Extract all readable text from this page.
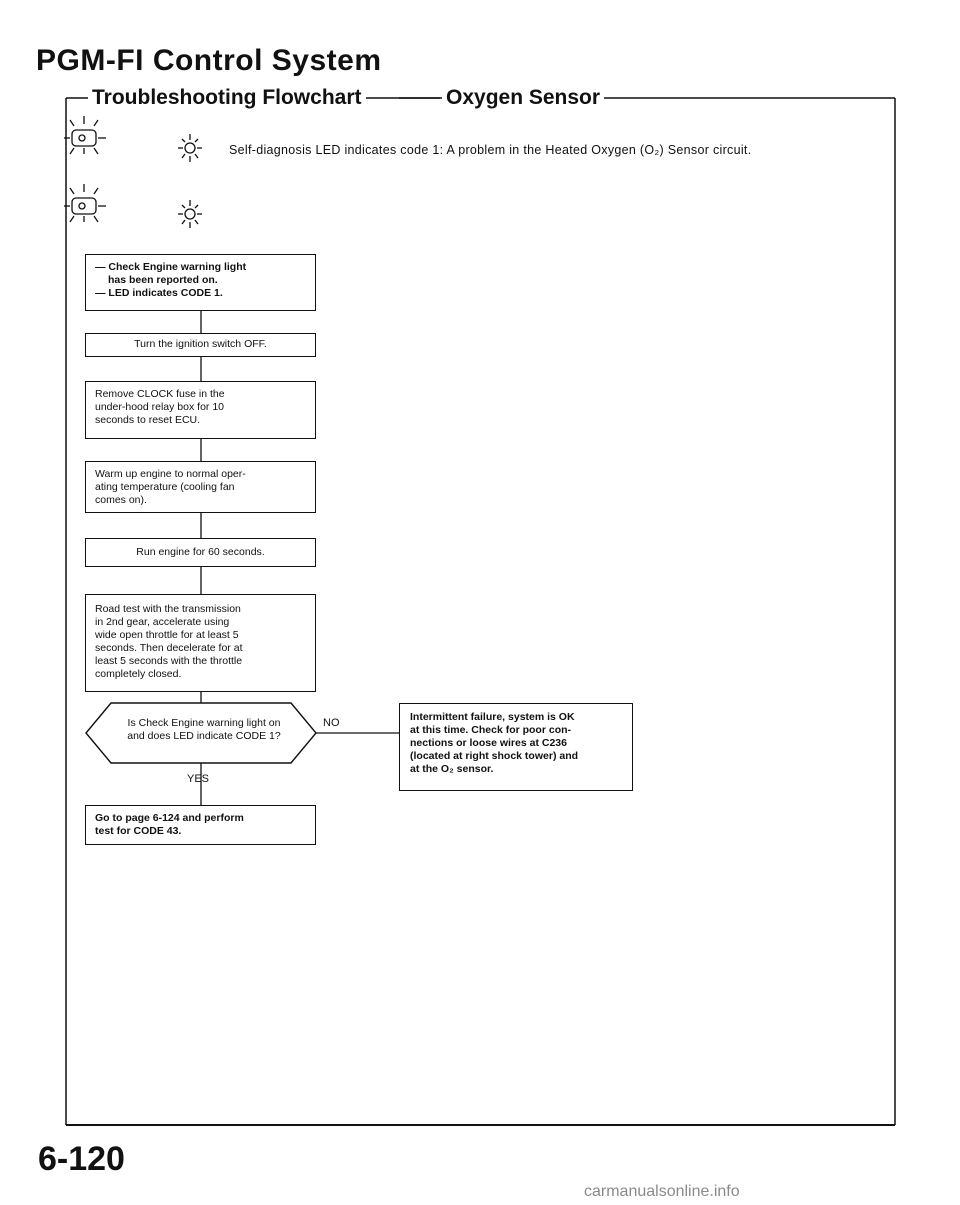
PGM-FI Control System
Troubleshooting Flowchart	Oxygen Sensor
Self-diagnosis LED indicates code 1: A problem in the Heated Oxygen (O₂) Sensor circuit.
— Check Engine warning light
has been reported on.
— LED indicates CODE 1.
Turn the ignition switch OFF.
Remove CLOCK fuse in the
under-hood relay box for 10
seconds to reset ECU.
Warm up engine to normal oper-
ating temperature (cooling fan
comes on).
Run engine for 60 seconds.
Road test with the transmission
in 2nd gear, accelerate using
wide open throttle for at least 5
seconds. Then decelerate for at
least 5 seconds with the throttle
completely closed.
Is Check Engine warning light on
and does LED indicate CODE 1?
NO
YES
Intermittent failure, system is OK
at this time. Check for poor con-
nections or loose wires at C236
(located at right shock tower) and
at the O₂ sensor.
Go to page 6-124 and perform
test for CODE 43.
6-120
carmanualsonline.info
